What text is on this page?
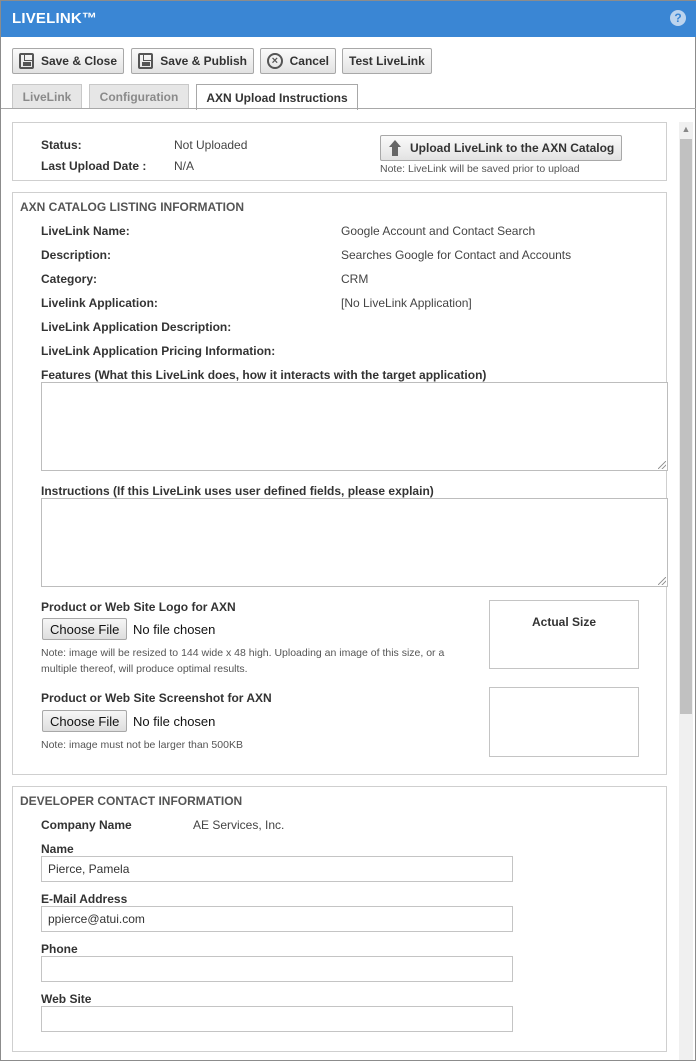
LIVELINK™	?
Save & Close	Save & Publish	× Cancel Test LiveLink
LiveLink	Configuration	AXN Upload Instructions
▲
Status:	Not Uploaded
Last Upload Date : N/A
Upload LiveLink to the AXN Catalog
Note: LiveLink will be saved prior to upload
AXN CATALOG LISTING INFORMATION
LiveLink Name:	Google Account and Contact Search
Description:	Searches Google for Contact and Accounts
Category:	CRM
Livelink Application:	[No LiveLink Application]
LiveLink Application Description:
LiveLink Application Pricing Information:
Features (What this LiveLink does, how it interacts with the target application)
Instructions (If this LiveLink uses user defined fields, please explain)
Product or Web Site Logo for AXN
Choose File	No file chosen
Note: image will be resized to 144 wide x 48 high. Uploading an image of this size, or a multiple thereof, will produce optimal results.
Actual Size
Product or Web Site Screenshot for AXN
Choose File	No file chosen
Note: image must not be larger than 500KB
DEVELOPER CONTACT INFORMATION
Company Name	AE Services, Inc.
Name
Pierce, Pamela
E-Mail Address
ppierce@atui.com
Phone
Web Site
